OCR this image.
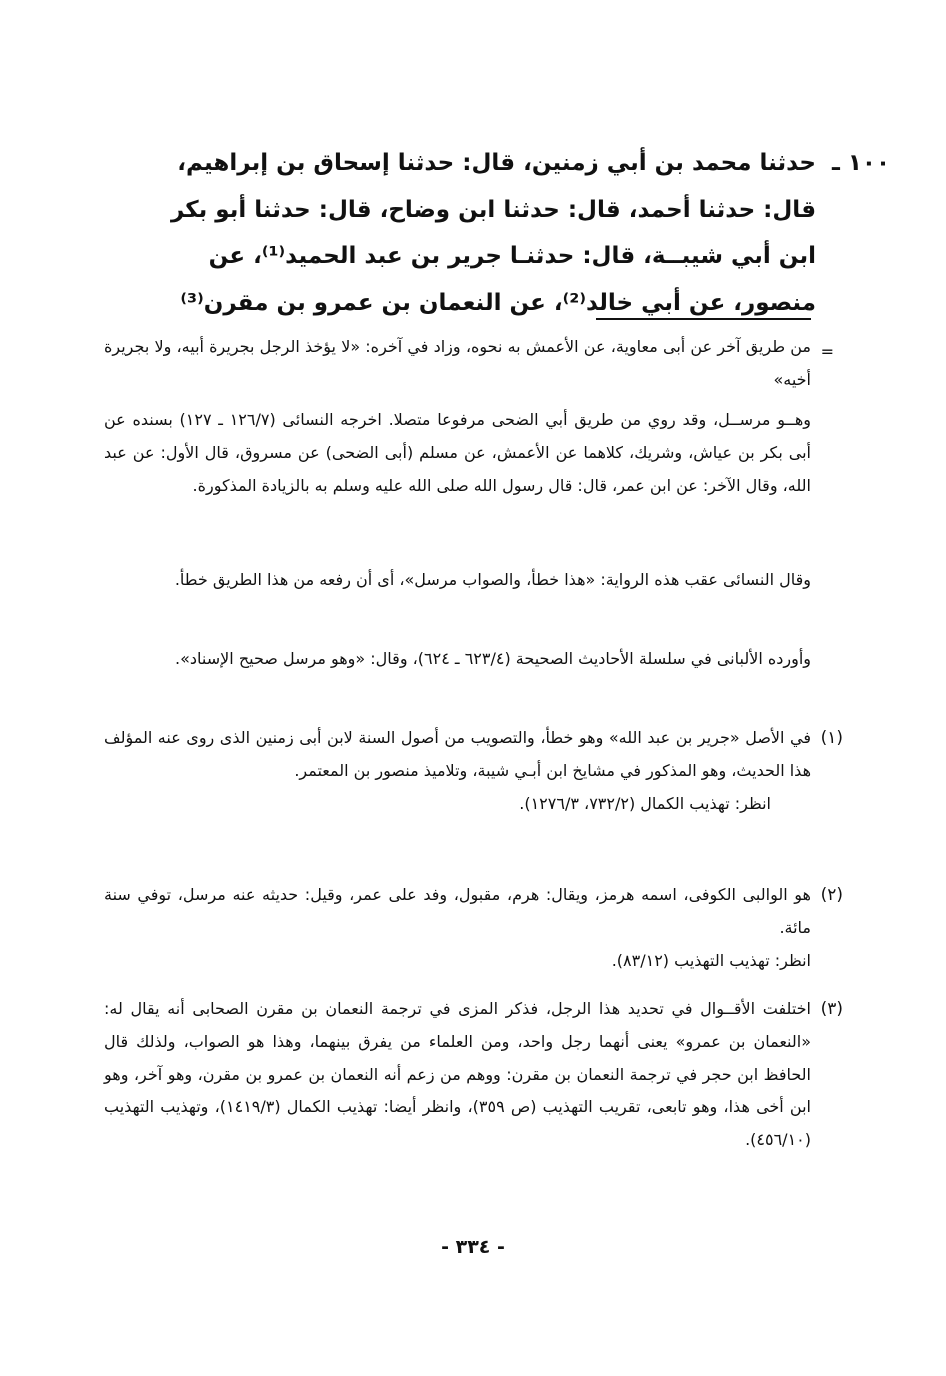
١٠٠ ـ
حدثنا محمد بن أبي زمنين، قال: حدثنا إسحاق بن إبراهيم،
قال: حدثنا أحمد، قال: حدثنا ابن وضاح، قال: حدثنا أبو بكر
ابن أبي شيبــة، قال: حدثنـا جرير بن عبد الحميد⁽¹⁾، عن
منصور، عن أبي خالد⁽²⁾، عن النعمان بن عمرو بن مقرن⁽³⁾
=
من طريق آخر عن أبى معاوية، عن الأعمش به نحوه، وزاد في آخره: «لا يؤخذ الرجل بجريرة أبيه، ولا بجريرة أخيه»
وهــو مرســل، وقد روي من طريق أبي الضحى مرفوعا متصلا. اخرجه النسائى (١٢٦/٧ ـ ١٢٧) بسنده عن أبى بكر بن عياش، وشريك، كلاهما عن الأعمش، عن مسلم (أبى الضحى) عن مسروق، قال الأول: عن عبد الله، وقال الآخر: عن ابن عمر، قال: قال رسول الله صلى الله عليه وسلم به بالزيادة المذكورة.
وقال النسائى عقب هذه الرواية: «هذا خطأ، والصواب مرسل»، أى أن رفعه من هذا الطريق خطأ.
وأورده الألبانى في سلسلة الأحاديث الصحيحة (٦٢٣/٤ ـ ٦٢٤)، وقال: «وهو مرسل صحيح الإسناد».
(١)
في الأصل «جرير بن عبد الله» وهو خطأ، والتصويب من أصول السنة لابن أبى زمنين الذى روى عنه المؤلف هذا الحديث، وهو المذكور في مشايخ ابن أبـي شيبة، وتلاميذ منصور بن المعتمر.
انظر: تهذيب الكمال (٧٣٢/٢، ١٢٧٦/٣).
(٢)
هو الوالبى الكوفى، اسمه هرمز، ويقال: هرم، مقبول، وفد على عمر، وقيل: حديثه عنه مرسل، توفي سنة مائة.
انظر: تهذيب التهذيب (٨٣/١٢).
(٣)
اختلفت الأقــوال في تحديد هذا الرجل، فذكر المزى في ترجمة النعمان بن مقرن الصحابى أنه يقال له: «النعمان بن عمرو» يعنى أنهما رجل واحد، ومن العلماء من يفرق بينهما، وهذا هو الصواب، ولذلك قال الحافظ ابن حجر في ترجمة النعمان بن مقرن: ووهم من زعم أنه النعمان بن عمرو بن مقرن، وهو آخر، وهو ابن أخى هذا، وهو تابعى، تقريب التهذيب (ص ٣٥٩)، وانظر أيضا: تهذيب الكمال (١٤١٩/٣)، وتهذيب التهذيب (٤٥٦/١٠).
- ٣٣٤ -
